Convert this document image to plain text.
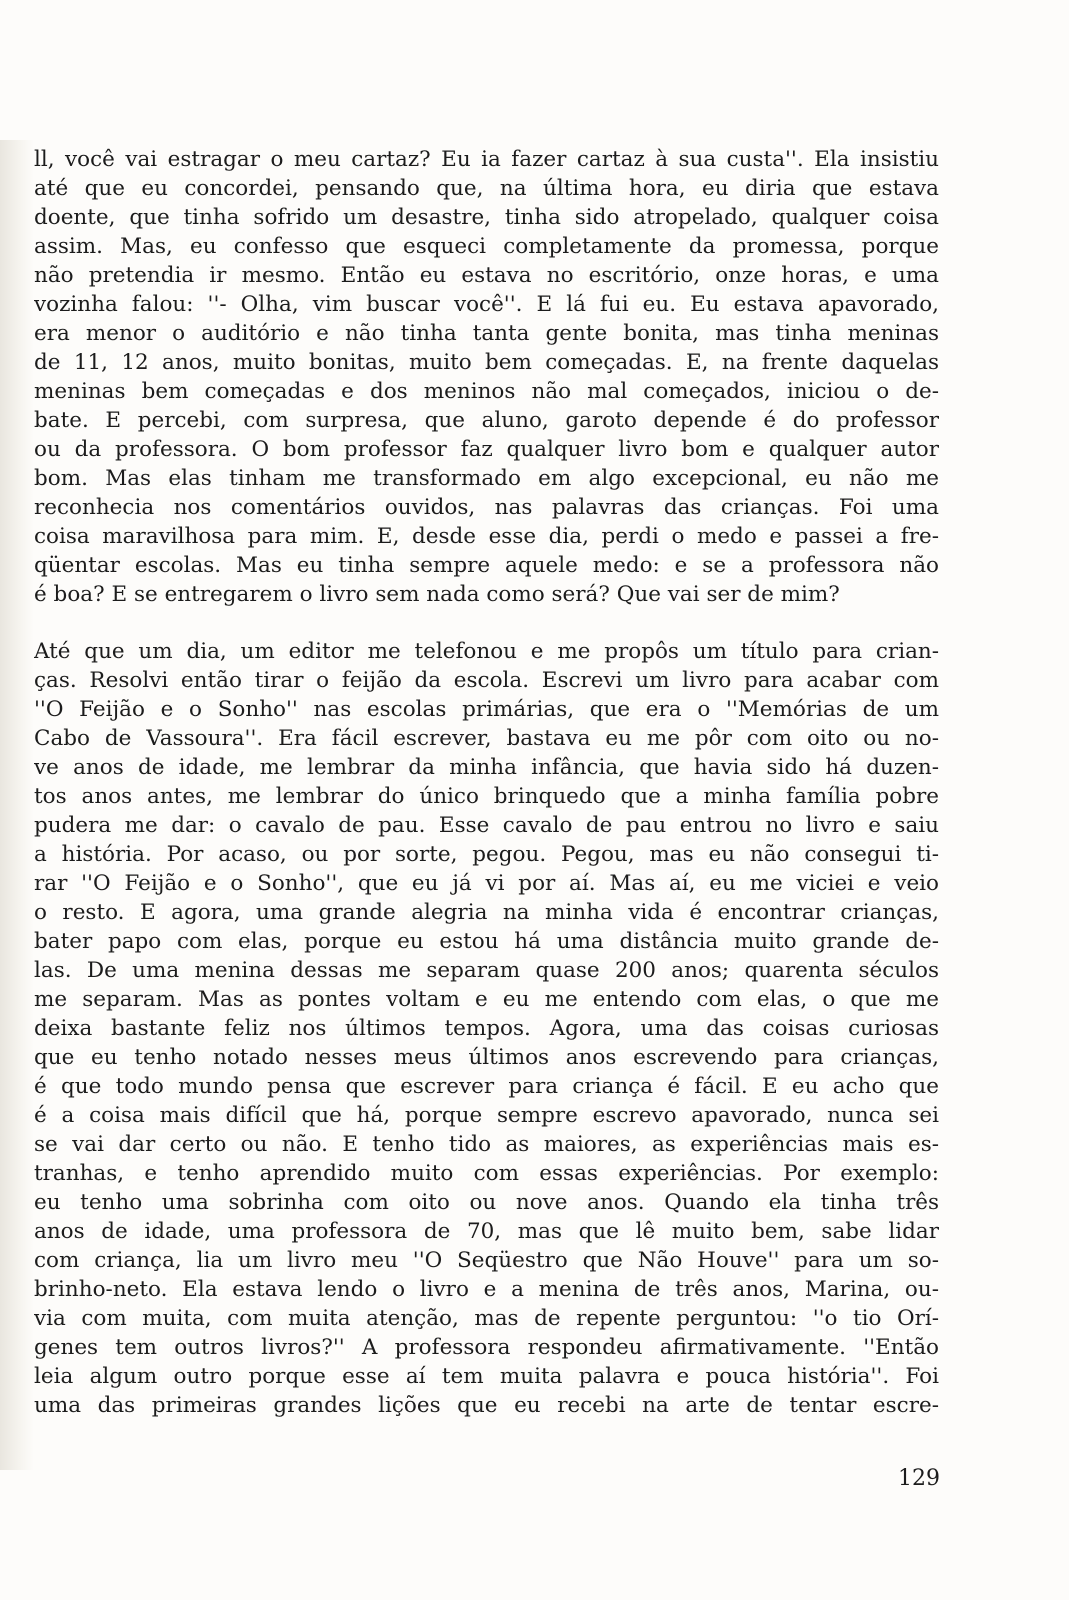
ll, você vai estragar o meu cartaz? Eu ia fazer cartaz à sua custa''. Ela insistiu
até que eu concordei, pensando que, na última hora, eu diria que estava
doente, que tinha sofrido um desastre, tinha sido atropelado, qualquer coisa
assim. Mas, eu confesso que esqueci completamente da promessa, porque
não pretendia ir mesmo. Então eu estava no escritório, onze horas, e uma
vozinha falou: ''- Olha, vim buscar você''. E lá fui eu. Eu estava apavorado,
era menor o auditório e não tinha tanta gente bonita, mas tinha meninas
de 11, 12 anos, muito bonitas, muito bem começadas. E, na frente daquelas
meninas bem começadas e dos meninos não mal começados, iniciou o de-
bate. E percebi, com surpresa, que aluno, garoto depende é do professor
ou da professora. O bom professor faz qualquer livro bom e qualquer autor
bom. Mas elas tinham me transformado em algo excepcional, eu não me
reconhecia nos comentários ouvidos, nas palavras das crianças. Foi uma
coisa maravilhosa para mim. E, desde esse dia, perdi o medo e passei a fre-
qüentar escolas. Mas eu tinha sempre aquele medo: e se a professora não
é boa? E se entregarem o livro sem nada como será? Que vai ser de mim?
Até que um dia, um editor me telefonou e me propôs um título para crian-
ças. Resolvi então tirar o feijão da escola. Escrevi um livro para acabar com
''O Feijão e o Sonho'' nas escolas primárias, que era o ''Memórias de um
Cabo de Vassoura''. Era fácil escrever, bastava eu me pôr com oito ou no-
ve anos de idade, me lembrar da minha infância, que havia sido há duzen-
tos anos antes, me lembrar do único brinquedo que a minha família pobre
pudera me dar: o cavalo de pau. Esse cavalo de pau entrou no livro e saiu
a história. Por acaso, ou por sorte, pegou. Pegou, mas eu não consegui ti-
rar ''O Feijão e o Sonho'', que eu já vi por aí. Mas aí, eu me viciei e veio
o resto. E agora, uma grande alegria na minha vida é encontrar crianças,
bater papo com elas, porque eu estou há uma distância muito grande de-
las. De uma menina dessas me separam quase 200 anos; quarenta séculos
me separam. Mas as pontes voltam e eu me entendo com elas, o que me
deixa bastante feliz nos últimos tempos. Agora, uma das coisas curiosas
que eu tenho notado nesses meus últimos anos escrevendo para crianças,
é que todo mundo pensa que escrever para criança é fácil. E eu acho que
é a coisa mais difícil que há, porque sempre escrevo apavorado, nunca sei
se vai dar certo ou não. E tenho tido as maiores, as experiências mais es-
tranhas, e tenho aprendido muito com essas experiências. Por exemplo:
eu tenho uma sobrinha com oito ou nove anos. Quando ela tinha três
anos de idade, uma professora de 70, mas que lê muito bem, sabe lidar
com criança, lia um livro meu ''O Seqüestro que Não Houve'' para um so-
brinho-neto. Ela estava lendo o livro e a menina de três anos, Marina, ou-
via com muita, com muita atenção, mas de repente perguntou: ''o tio Orí-
genes tem outros livros?'' A professora respondeu afirmativamente. ''Então
leia algum outro porque esse aí tem muita palavra e pouca história''. Foi
uma das primeiras grandes lições que eu recebi na arte de tentar escre-
129
